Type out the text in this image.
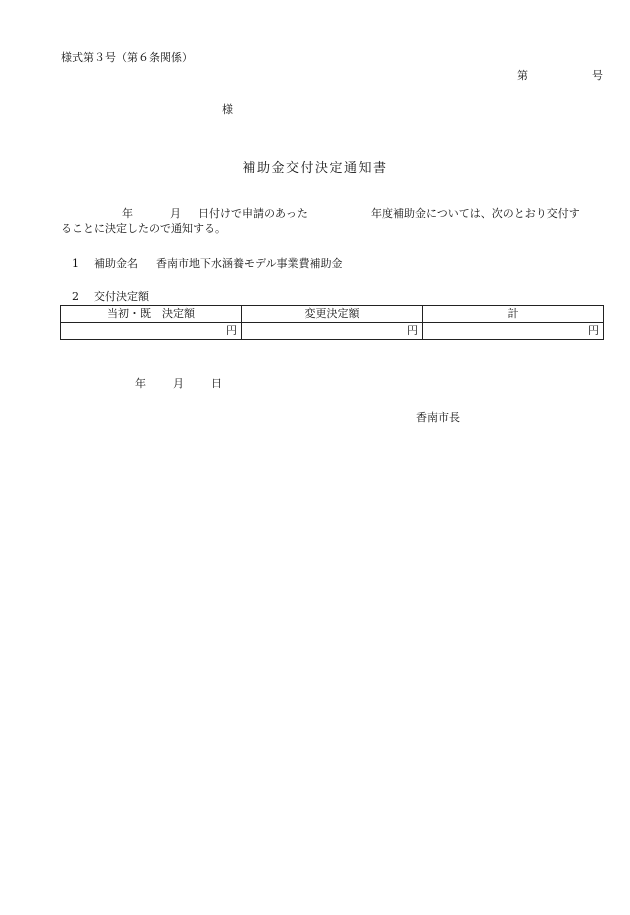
様式第３号（第６条関係）
第	号
様
補助金交付決定通知書
年	月 日付けで申請のあった	年度補助金については、次のとおり交付す
ることに決定したので通知する。
1 補助金名 香南市地下水涵養モデル事業費補助金
2 交付決定額
当初・既　決定額	変更決定額	計
円	円	円
年 月 日
香南市長
